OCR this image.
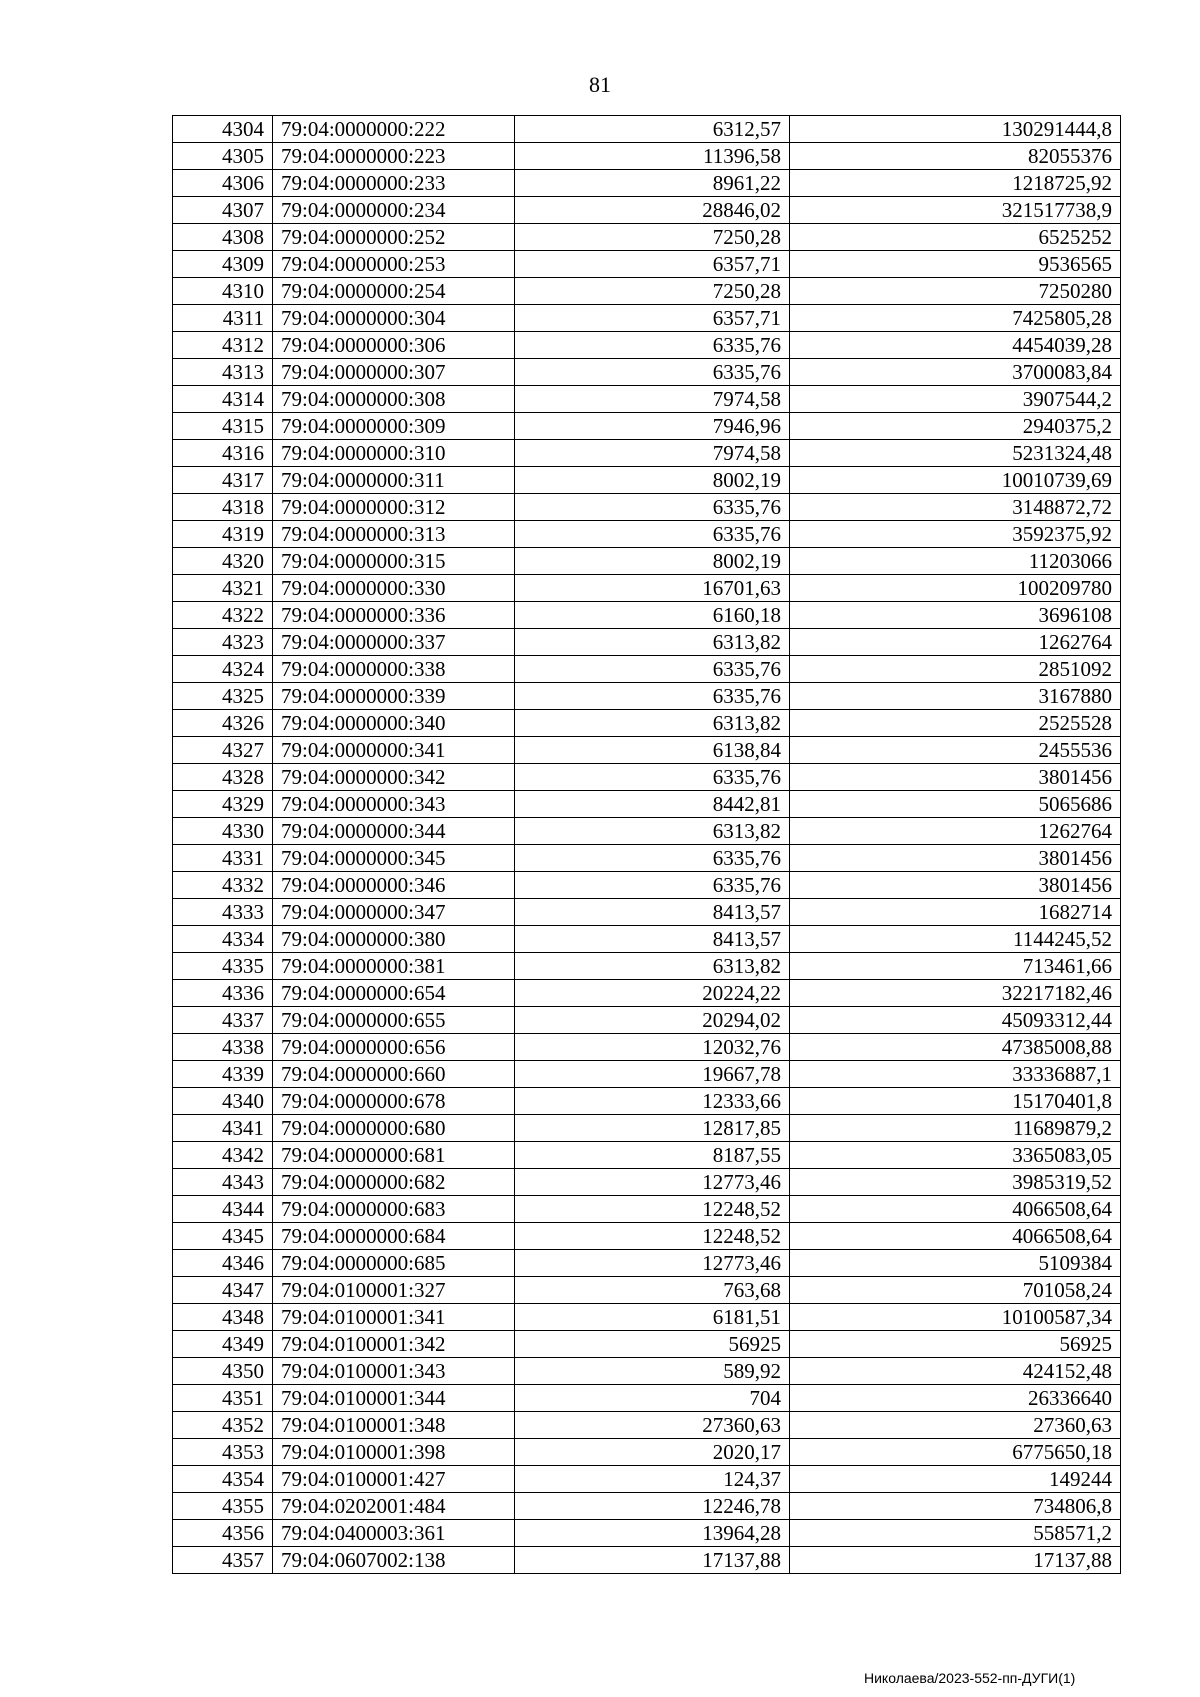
81
4304	79:04:0000000:222	6312,57	130291444,8
4305	79:04:0000000:223	11396,58	82055376
4306	79:04:0000000:233	8961,22	1218725,92
4307	79:04:0000000:234	28846,02	321517738,9
4308	79:04:0000000:252	7250,28	6525252
4309	79:04:0000000:253	6357,71	9536565
4310	79:04:0000000:254	7250,28	7250280
4311	79:04:0000000:304	6357,71	7425805,28
4312	79:04:0000000:306	6335,76	4454039,28
4313	79:04:0000000:307	6335,76	3700083,84
4314	79:04:0000000:308	7974,58	3907544,2
4315	79:04:0000000:309	7946,96	2940375,2
4316	79:04:0000000:310	7974,58	5231324,48
4317	79:04:0000000:311	8002,19	10010739,69
4318	79:04:0000000:312	6335,76	3148872,72
4319	79:04:0000000:313	6335,76	3592375,92
4320	79:04:0000000:315	8002,19	11203066
4321	79:04:0000000:330	16701,63	100209780
4322	79:04:0000000:336	6160,18	3696108
4323	79:04:0000000:337	6313,82	1262764
4324	79:04:0000000:338	6335,76	2851092
4325	79:04:0000000:339	6335,76	3167880
4326	79:04:0000000:340	6313,82	2525528
4327	79:04:0000000:341	6138,84	2455536
4328	79:04:0000000:342	6335,76	3801456
4329	79:04:0000000:343	8442,81	5065686
4330	79:04:0000000:344	6313,82	1262764
4331	79:04:0000000:345	6335,76	3801456
4332	79:04:0000000:346	6335,76	3801456
4333	79:04:0000000:347	8413,57	1682714
4334	79:04:0000000:380	8413,57	1144245,52
4335	79:04:0000000:381	6313,82	713461,66
4336	79:04:0000000:654	20224,22	32217182,46
4337	79:04:0000000:655	20294,02	45093312,44
4338	79:04:0000000:656	12032,76	47385008,88
4339	79:04:0000000:660	19667,78	33336887,1
4340	79:04:0000000:678	12333,66	15170401,8
4341	79:04:0000000:680	12817,85	11689879,2
4342	79:04:0000000:681	8187,55	3365083,05
4343	79:04:0000000:682	12773,46	3985319,52
4344	79:04:0000000:683	12248,52	4066508,64
4345	79:04:0000000:684	12248,52	4066508,64
4346	79:04:0000000:685	12773,46	5109384
4347	79:04:0100001:327	763,68	701058,24
4348	79:04:0100001:341	6181,51	10100587,34
4349	79:04:0100001:342	56925	56925
4350	79:04:0100001:343	589,92	424152,48
4351	79:04:0100001:344	704	26336640
4352	79:04:0100001:348	27360,63	27360,63
4353	79:04:0100001:398	2020,17	6775650,18
4354	79:04:0100001:427	124,37	149244
4355	79:04:0202001:484	12246,78	734806,8
4356	79:04:0400003:361	13964,28	558571,2
4357	79:04:0607002:138	17137,88	17137,88
Николаева/2023-552-пп-ДУГИ(1)
